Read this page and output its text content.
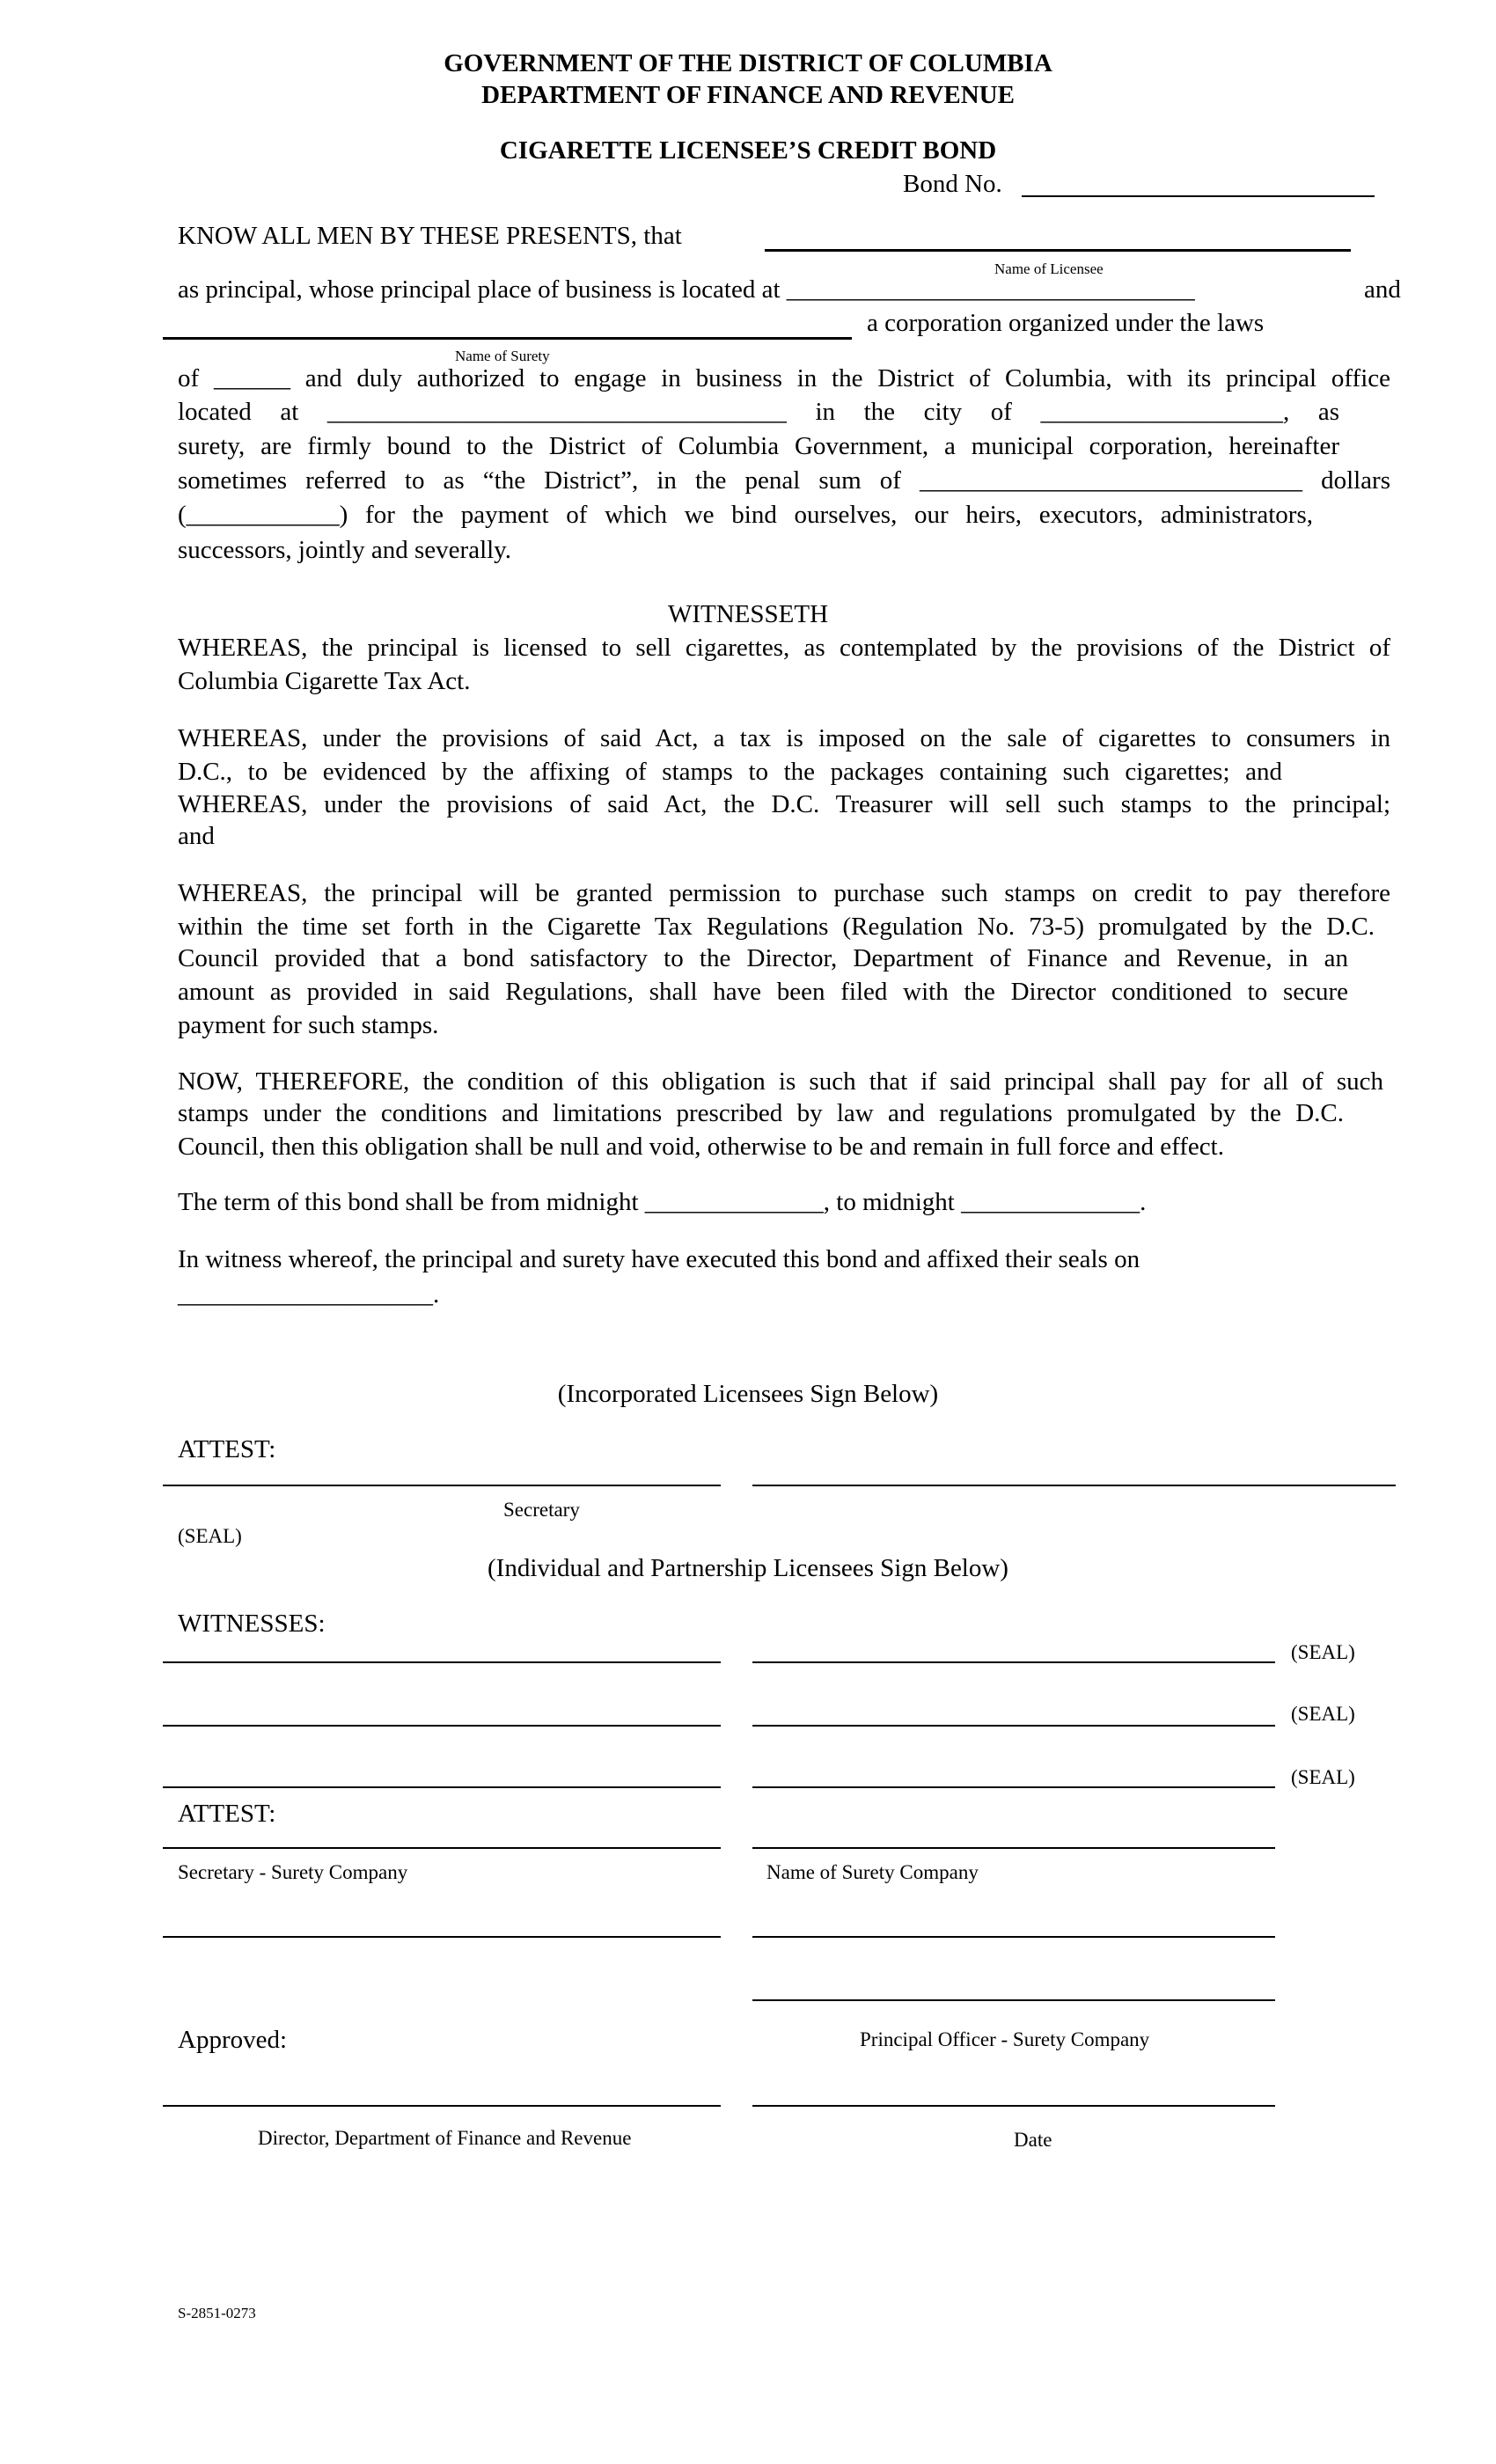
GOVERNMENT OF THE DISTRICT OF COLUMBIA
DEPARTMENT OF FINANCE AND REVENUE
CIGARETTE LICENSEE’S CREDIT BOND
Bond No.
KNOW ALL MEN BY THESE PRESENTS, that
Name of Licensee
as principal, whose principal place of business is located at ________________________________	and
a corporation organized under the laws
Name of Surety
of ______ and duly authorized to engage in business in the District of Columbia, with its principal office
located at ____________________________________ in the city of ___________________, as
surety, are firmly bound to the District of Columbia Government, a municipal corporation, hereinafter
sometimes referred to as “the District”, in the penal sum of ______________________________ dollars
(____________) for the payment of which we bind ourselves, our heirs, executors, administrators,
successors, jointly and severally.
WITNESSETH
WHEREAS, the principal is licensed to sell cigarettes, as contemplated by the provisions of the District of
Columbia Cigarette Tax Act.
WHEREAS, under the provisions of said Act, a tax is imposed on the sale of cigarettes to consumers in
D.C., to be evidenced by the affixing of stamps to the packages containing such cigarettes; and
WHEREAS, under the provisions of said Act, the D.C. Treasurer will sell such stamps to the principal;
and
WHEREAS, the principal will be granted permission to purchase such stamps on credit to pay therefore
within the time set forth in the Cigarette Tax Regulations (Regulation No. 73-5) promulgated by the D.C.
Council provided that a bond satisfactory to the Director, Department of Finance and Revenue, in an
amount as provided in said Regulations, shall have been filed with the Director conditioned to secure
payment for such stamps.
NOW, THEREFORE, the condition of this obligation is such that if said principal shall pay for all of such
stamps under the conditions and limitations prescribed by law and regulations promulgated by the D.C.
Council, then this obligation shall be null and void, otherwise to be and remain in full force and effect.
The term of this bond shall be from midnight ______________, to midnight ______________.
In witness whereof, the principal and surety have executed this bond and affixed their seals on
____________________.
(Incorporated Licensees Sign Below)
ATTEST:
Secretary
(SEAL)
(Individual and Partnership Licensees Sign Below)
WITNESSES:
(SEAL)
(SEAL)
(SEAL)
ATTEST:
Secretary - Surety Company	Name of Surety Company
Approved:	Principal Officer - Surety Company
Director, Department of Finance and Revenue	Date
S-2851-0273
